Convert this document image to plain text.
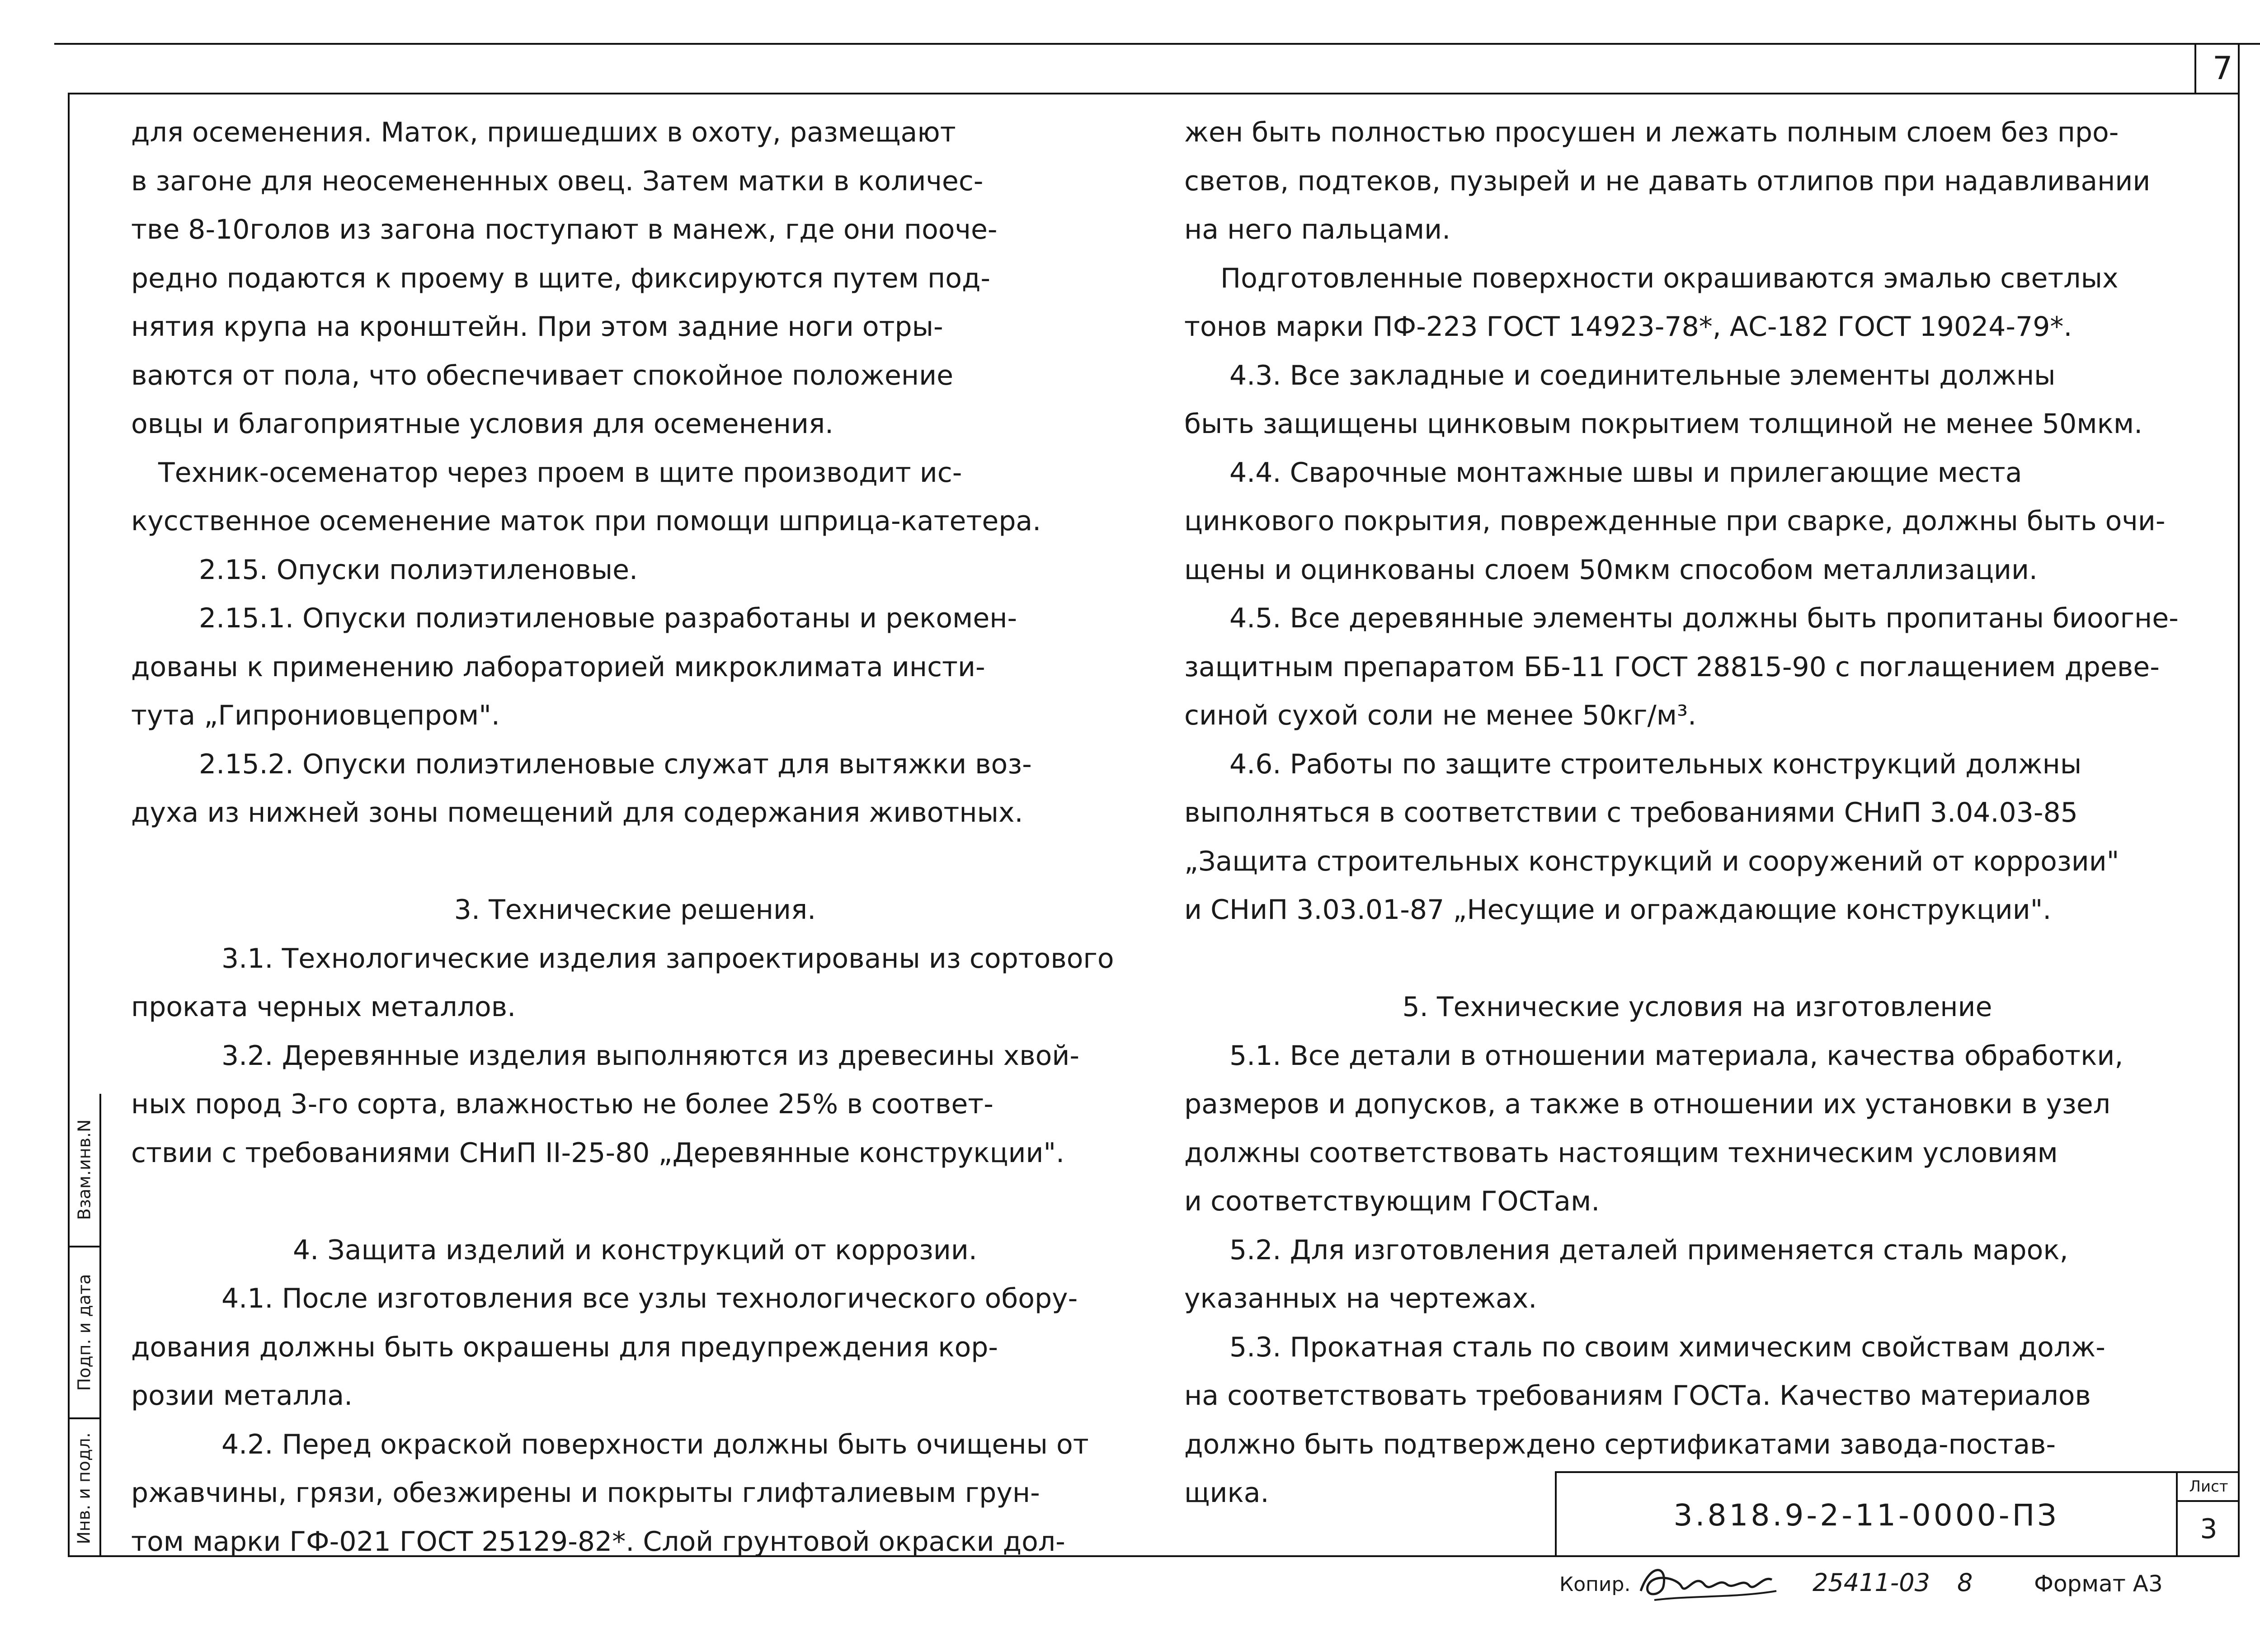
7

для осеменения. Маток, пришедших в охоту, размещают

в загоне для неосемененных овец. Затем матки в количес-

тве 8-10голов из загона поступают в манеж, где они поoче-

редно подаются к проему в щите, фиксируются путем под-

нятия крупа на кронштейн. При этом задние ноги отры-

ваются от пола, что обеспечивает спокойное положение

овцы и благоприятные условия для осеменения.

Техник-осеменатор через проем в щите производит ис-

кусственное осеменение маток при помощи шприца-катетера.

2.15. Опуски полиэтиленовые.

2.15.1. Опуски полиэтиленовые разработаны и рекомен-

дованы к применению лабораторией микроклимата инсти-

тута „Гипрониовцепром".

2.15.2. Опуски полиэтиленовые служат для вытяжки воз-

духа из нижней зоны помещений для содержания животных.

3. Технические решения.

3.1. Технологические изделия запроектированы из сортового

проката черных металлов.

3.2. Деревянные изделия выполняются из древесины хвой-

ных пород 3-го сорта, влажностью не более 25% в соответ-

ствии с требованиями СНиП II-25-80 „Деревянные конструкции".

4. Защита изделий и конструкций от коррозии.

4.1. После изготовления все узлы технологического обору-

дования должны быть окрашены для предупреждения кор-

розии металла.

4.2. Перед окраской поверхности должны быть очищены от

ржавчины, грязи, обезжирены и покрыты глифталиевым грун-

том марки ГФ-021 ГОСТ 25129-82*. Слой грунтовой окраски дол-

жен быть полностью просушен и лежать полным слоем без про-

светов, подтеков, пузырей и не давать отлипов при надавливании

на него пальцами.

Подготовленные поверхности окрашиваются эмалью светлых

тонов марки ПФ-223 ГОСТ 14923-78*, АС-182 ГОСТ 19024-79*.

4.3. Все закладные и соединительные элементы должны

быть защищены цинковым покрытием толщиной не менее 50мкм.

4.4. Сварочные монтажные швы и прилегающие места

цинкового покрытия, поврежденные при сварке, должны быть очи-

щены и оцинкованы слоем 50мкм способом металлизации.

4.5. Все деревянные элементы должны быть пропитаны биоогне-

защитным препаратом ББ-11 ГОСТ 28815-90 с поглащением древе-

синой сухой соли не менее 50кг/м³.

4.6. Работы по защите строительных конструкций должны

выполняться в соответствии с требованиями СНиП 3.04.03-85

„Защита строительных конструкций и сооружений от коррозии"

и СНиП 3.03.01-87 „Несущие и ограждающие конструкции".

5. Технические условия на изготовление

5.1. Все детали в отношении материала, качества обработки,

размеров и допусков, а также в отношении их установки в узел

должны соответствовать настоящим техническим условиям

и соответствующим ГОСТам.

5.2. Для изготовления деталей применяется сталь марок,

указанных на чертежах.

5.3. Прокатная сталь по своим химическим свойствам долж-

на соответствовать требованиям ГОСТа. Качество материалов

должно быть подтверждено сертификатами завода-постав-

щика.

Взам.инв.N
Подп. и дата
Инв. и подл.	3.818.9-2-11-0000-ПЗ
Лист
3
Копир.	25411-03 8	Формат А3
